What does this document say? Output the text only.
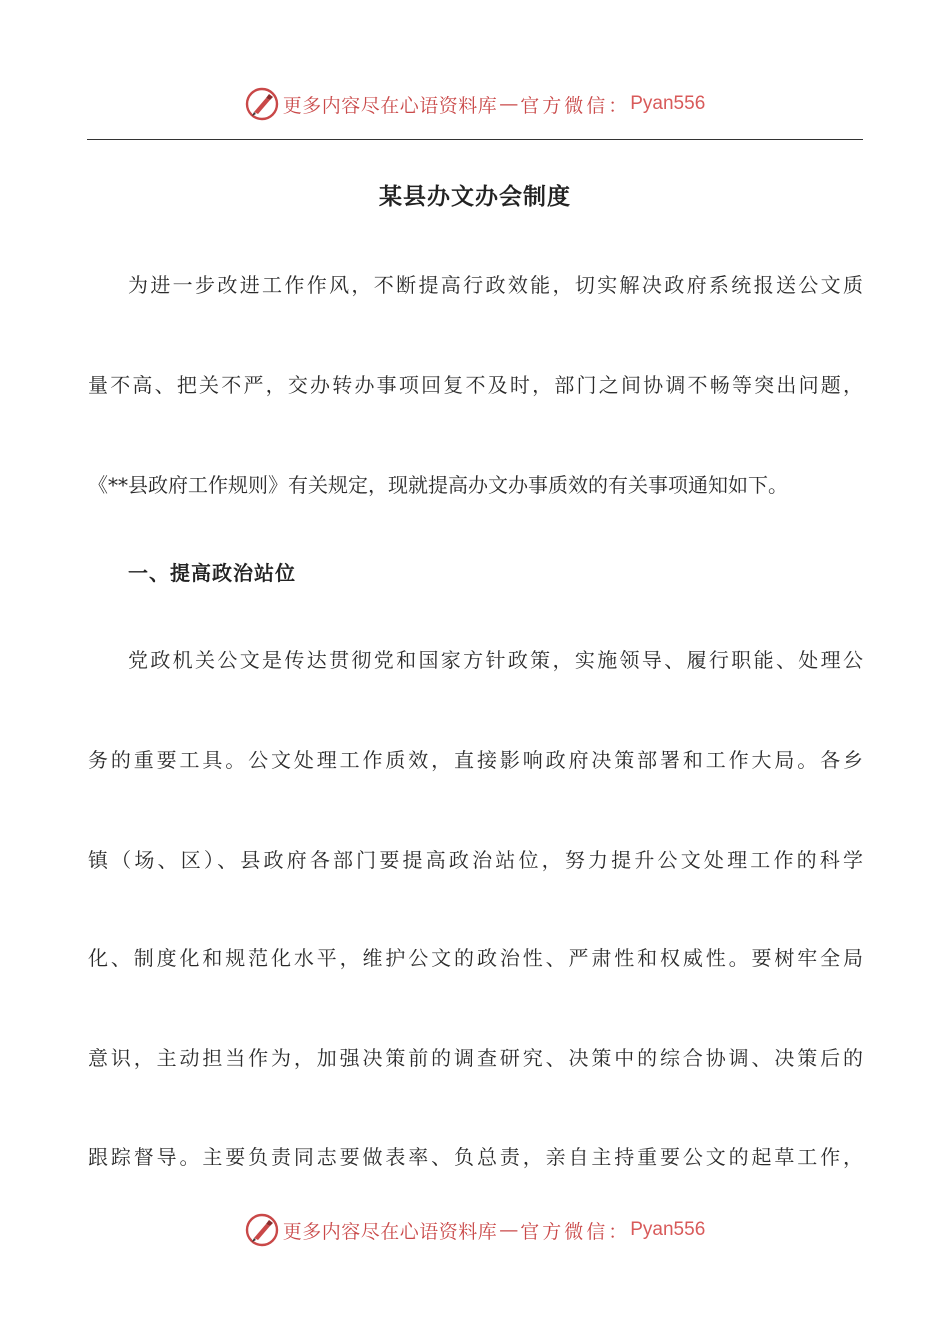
更多内容尽在心语资料库 — 官方微信： Pyan556
某县办文办会制度
为进一步改进工作作风，不断提高行政效能，切实解决政府系统报送公文质
量不高、把关不严，交办转办事项回复不及时，部门之间协调不畅等突出问题，
《**县政府工作规则》有关规定，现就提高办文办事质效的有关事项通知如下。
一、提高政治站位
党政机关公文是传达贯彻党和国家方针政策，实施领导、履行职能、处理公
务的重要工具。公文处理工作质效，直接影响政府决策部署和工作大局。各乡
镇（场、区）、县政府各部门要提高政治站位，努力提升公文处理工作的科学
化、制度化和规范化水平，维护公文的政治性、严肃性和权威性。要树牢全局
意识，主动担当作为，加强决策前的调查研究、决策中的综合协调、决策后的
跟踪督导。主要负责同志要做表率、负总责，亲自主持重要公文的起草工作，
更多内容尽在心语资料库 — 官方微信： Pyan556
